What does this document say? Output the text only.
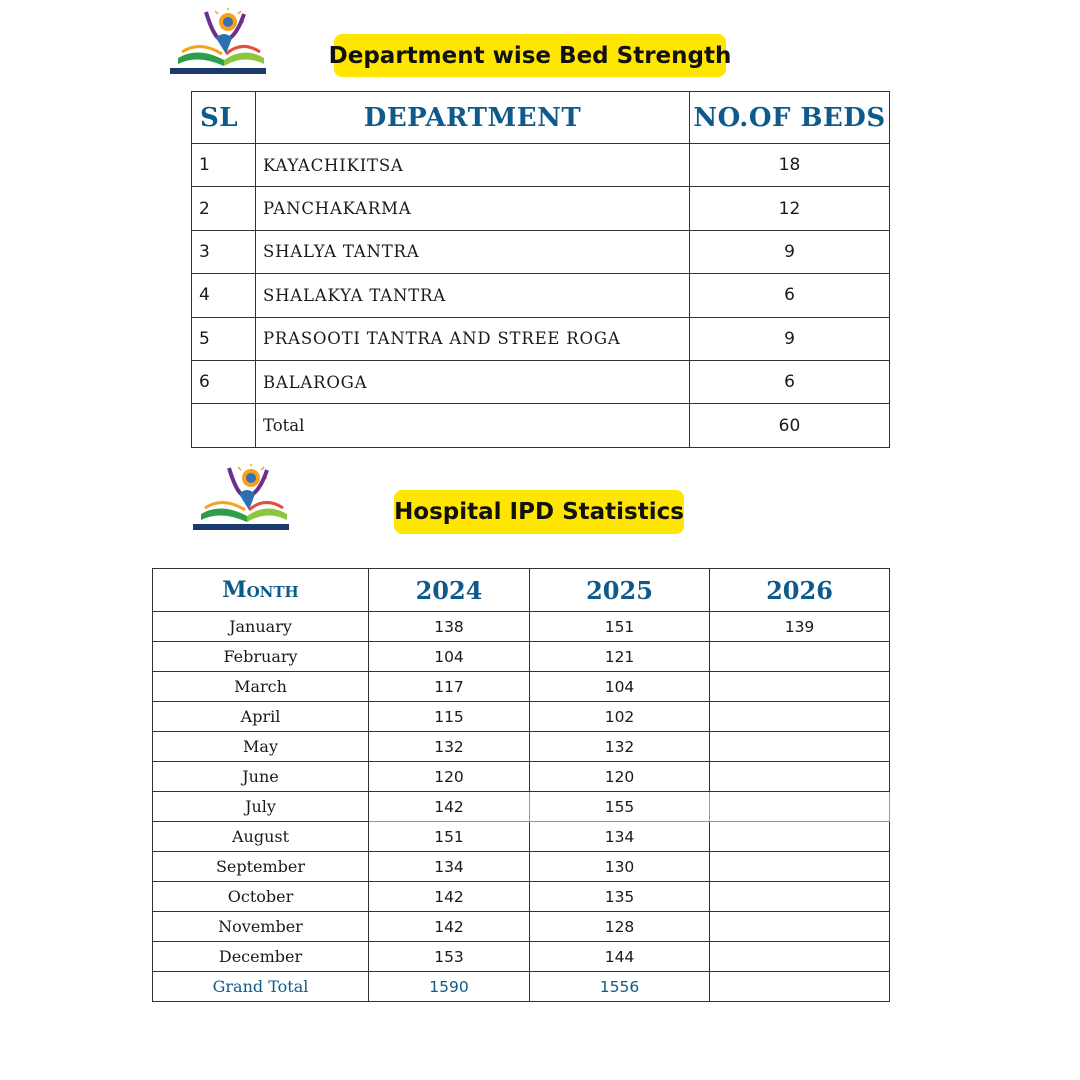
Department wise Bed Strength
SL	DEPARTMENT	NO.OF BEDS
1	KAYACHIKITSA	18
2	PANCHAKARMA	12
3	SHALYA TANTRA	9
4	SHALAKYA TANTRA	6
5	PRASOOTI TANTRA AND STREE ROGA	9
6	BALAROGA	6
	Total	60
Hospital IPD Statistics
Month	2024	2025	2026
January	138	151	139
February	104	121	
March	117	104	
April	115	102	
May	132	132	
June	120	120	
July	142	155	
August	151	134	
September	134	130	
October	142	135	
November	142	128	
December	153	144	
Grand Total	1590	1556	
